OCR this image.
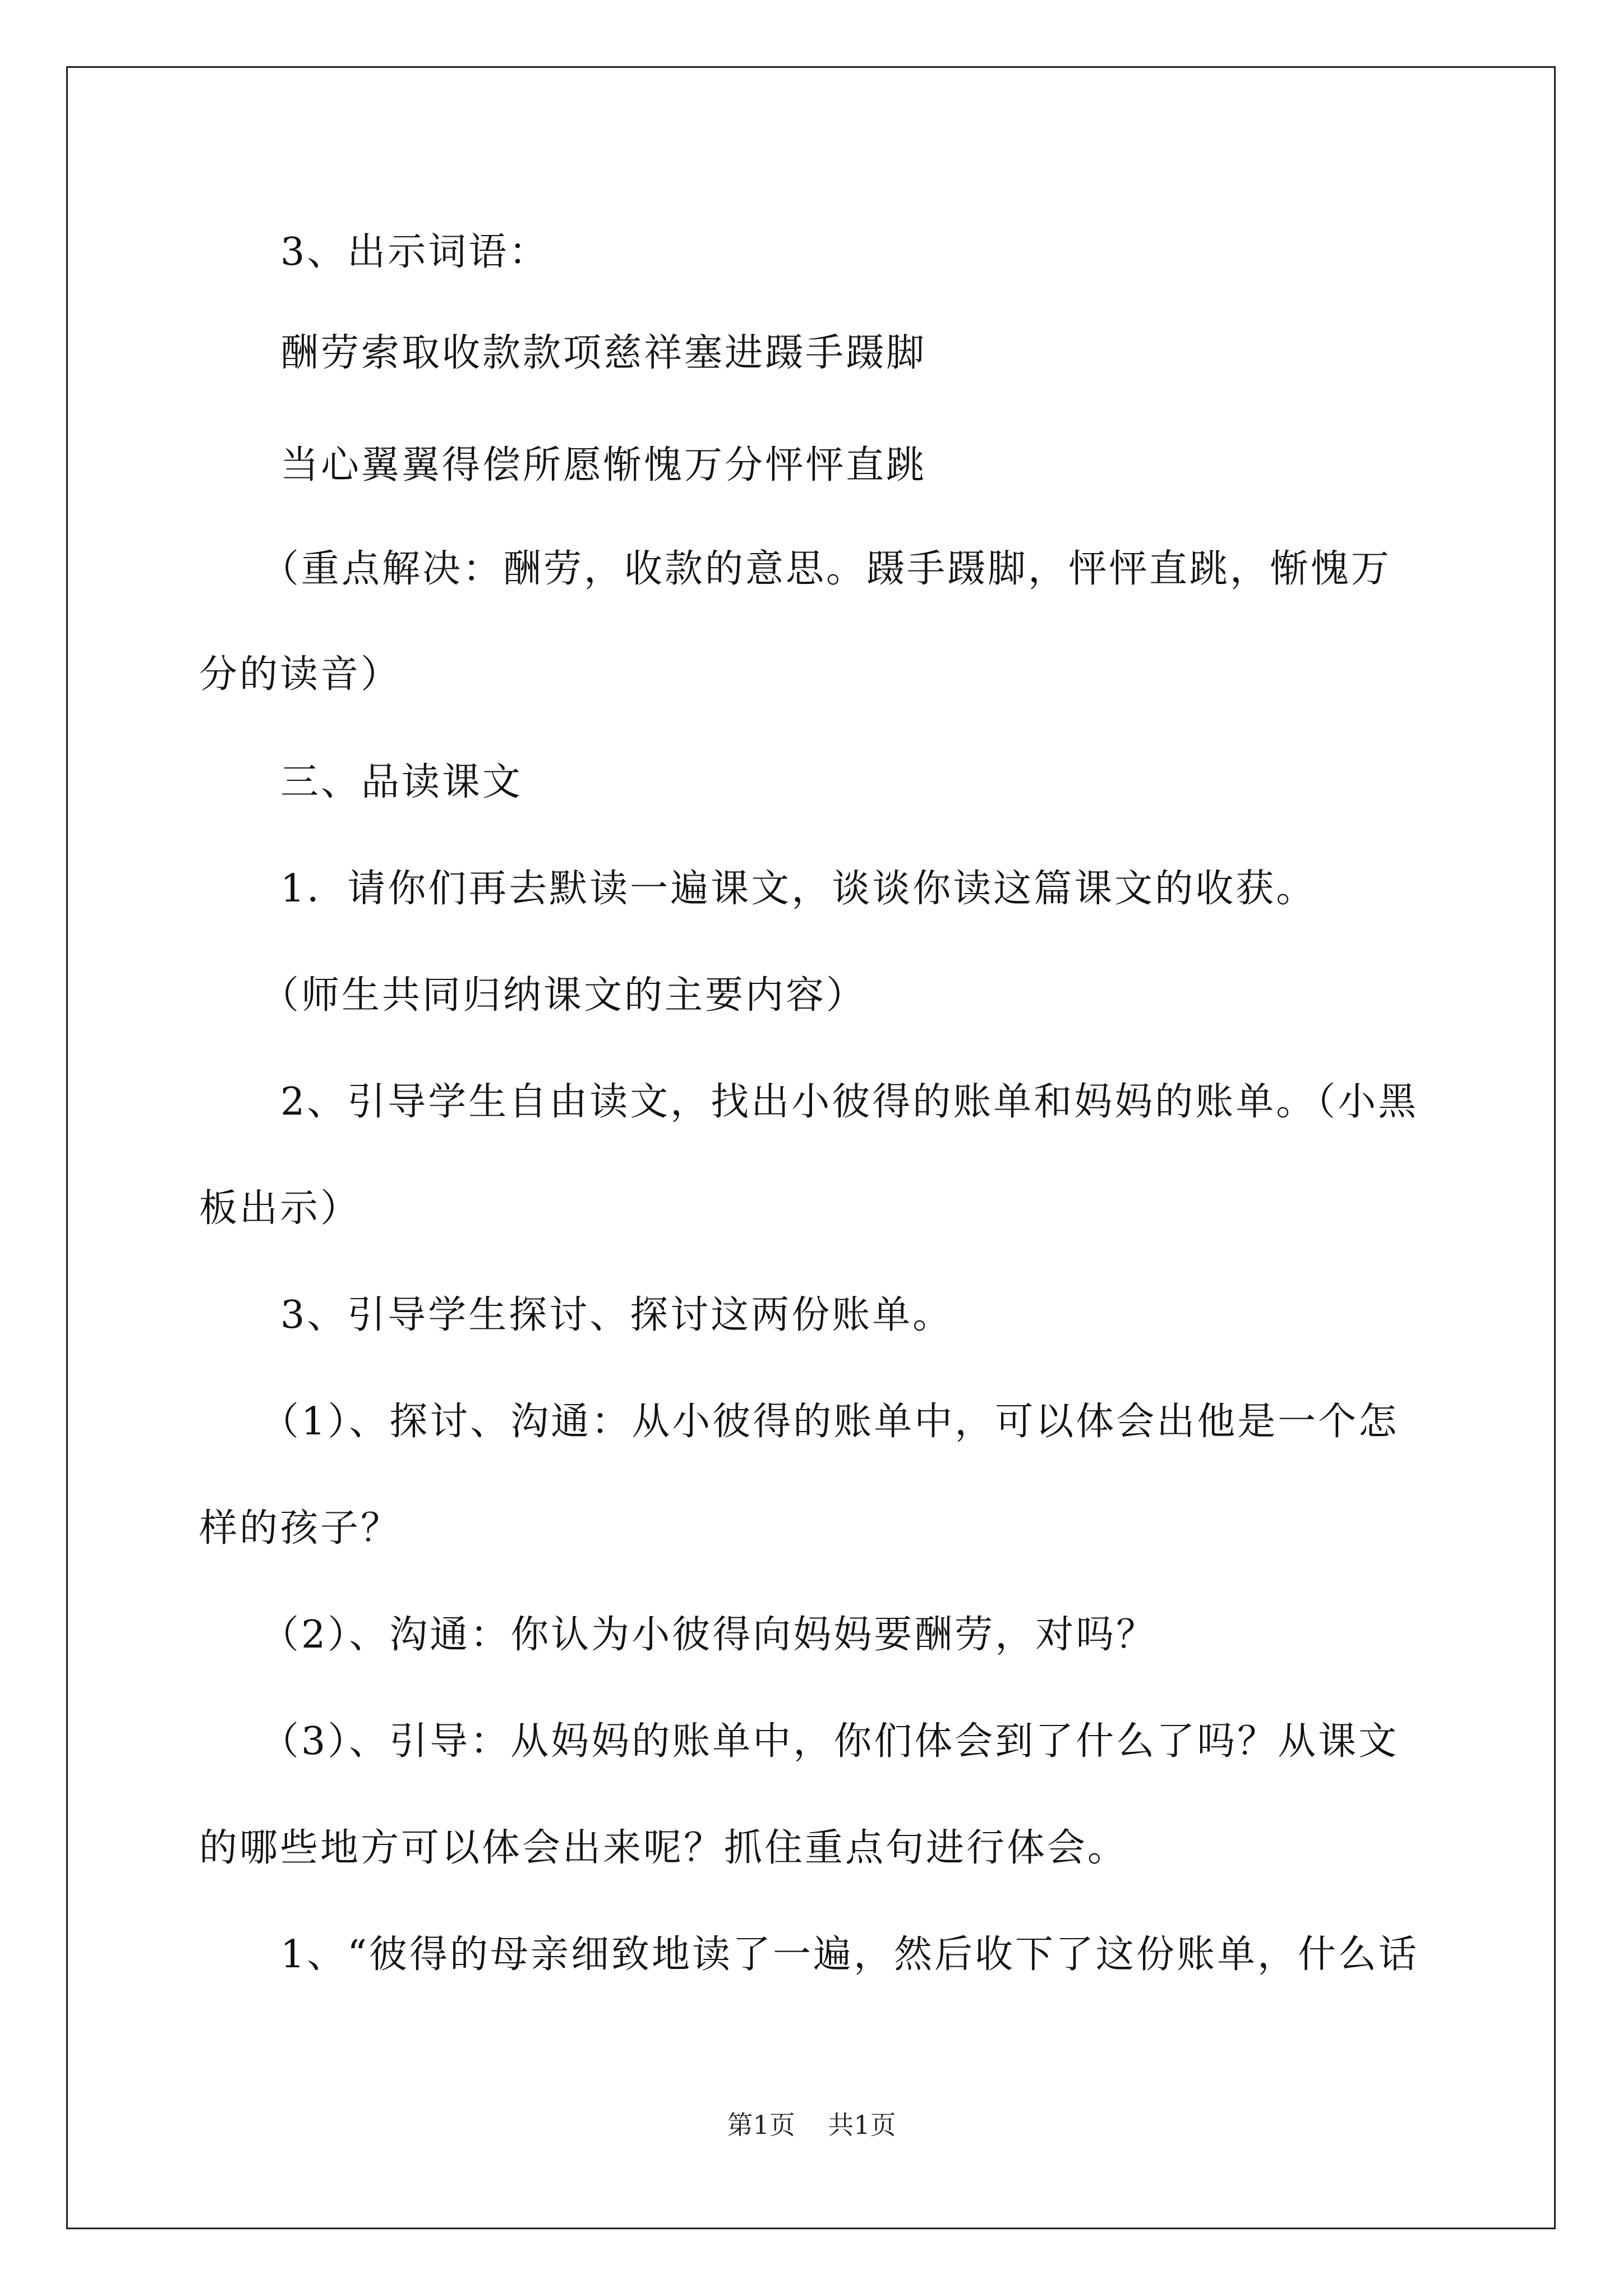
3、出示词语：
酬劳索取收款款项慈祥塞进蹑手蹑脚
当心翼翼得偿所愿惭愧万分怦怦直跳
（重点解决：酬劳，收款的意思。蹑手蹑脚，怦怦直跳，惭愧万
分的读音）
三、品读课文
1．请你们再去默读一遍课文，谈谈你读这篇课文的收获。
（师生共同归纳课文的主要内容）
2、引导学生自由读文，找出小彼得的账单和妈妈的账单。（小黑
板出示）
3、引导学生探讨、探讨这两份账单。
（1）、探讨、沟通：从小彼得的账单中，可以体会出他是一个怎
样的孩子？
（2）、沟通：你认为小彼得向妈妈要酬劳，对吗？
（3）、引导：从妈妈的账单中，你们体会到了什么了吗？从课文
的哪些地方可以体会出来呢？抓住重点句进行体会。
1、“彼得的母亲细致地读了一遍，然后收下了这份账单，什么话
第1页    共1页
